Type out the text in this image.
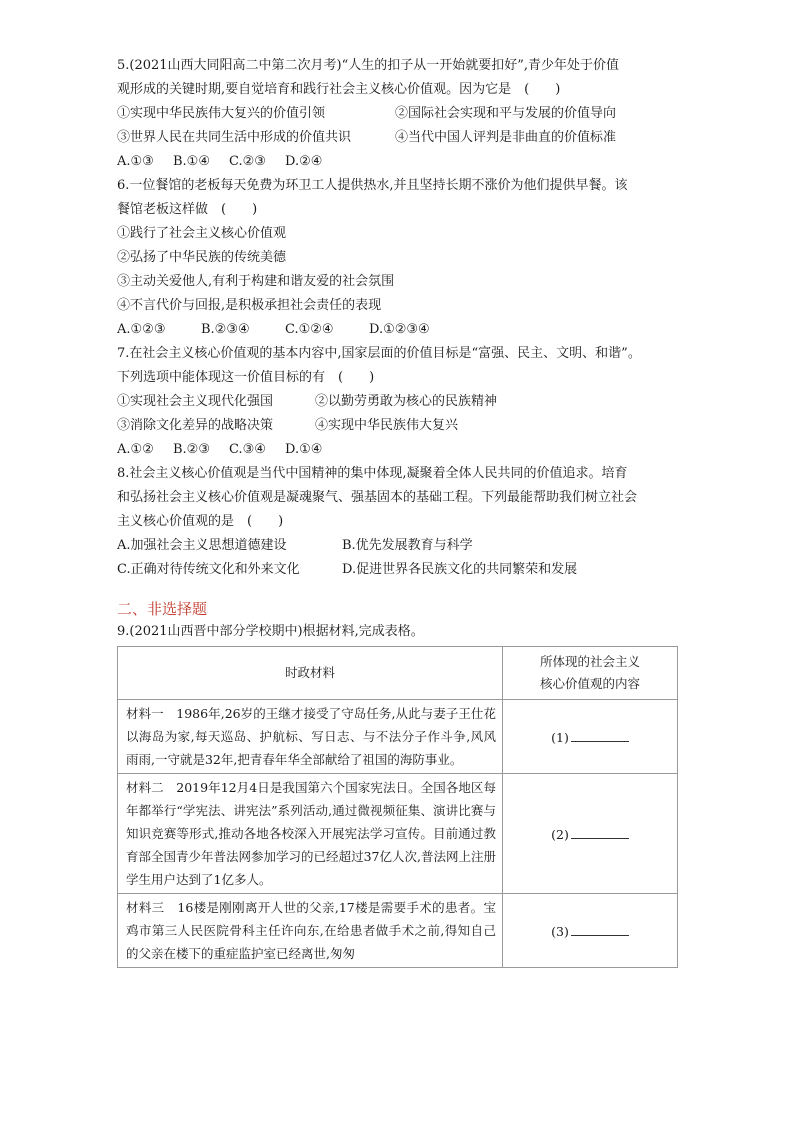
5.(2021山西大同阳高二中第二次月考)“人生的扣子从一开始就要扣好”,青少年处于价值
观形成的关键时期,要自觉培育和践行社会主义核心价值观。因为它是　(　　)
①实现中华民族伟大复兴的价值引领	②国际社会实现和平与发展的价值导向
③世界人民在共同生活中形成的价值共识	④当代中国人评判是非曲直的价值标准
A.①③ B.①④ C.②③ D.②④
6.一位餐馆的老板每天免费为环卫工人提供热水,并且坚持长期不涨价为他们提供早餐。该
餐馆老板这样做　(　　)
①践行了社会主义核心价值观
②弘扬了中华民族的传统美德
③主动关爱他人,有利于构建和谐友爱的社会氛围
④不言代价与回报,是积极承担社会责任的表现
A.①②③	B.②③④	C.①②④	D.①②③④
7.在社会主义核心价值观的基本内容中,国家层面的价值目标是“富强、民主、文明、和谐”。
下列选项中能体现这一价值目标的有　(　　)
①实现社会主义现代化强国	②以勤劳勇敢为核心的民族精神
③消除文化差异的战略决策	④实现中华民族伟大复兴
A.①② B.②③ C.③④ D.①④
8.社会主义核心价值观是当代中国精神的集中体现,凝聚着全体人民共同的价值追求。培育
和弘扬社会主义核心价值观是凝魂聚气、强基固本的基础工程。下列最能帮助我们树立社会
主义核心价值观的是　(　　)
A.加强社会主义思想道德建设	B.优先发展教育与科学
C.正确对待传统文化和外来文化	D.促进世界各民族文化的共同繁荣和发展
二、非选择题
9.(2021山西晋中部分学校期中)根据材料,完成表格。
时政材料	所体现的社会主义
核心价值观的内容

材料一　1986年,26岁的王继才接受了守岛任务,从此与妻子王仕花以海岛为家,每天巡岛、护航标、写日志、与不法分子作斗争,风风雨雨,一守就是32年,把青春年华全部献给了祖国的海防事业。	(1)
材料二　2019年12月4日是我国第六个国家宪法日。全国各地区每年都举行“学宪法、讲宪法”系列活动,通过微视频征集、演讲比赛与知识竞赛等形式,推动各地各校深入开展宪法学习宣传。目前通过教育部全国青少年普法网参加学习的已经超过37亿人次,普法网上注册学生用户达到了1亿多人。	(2)
材料三　16楼是刚刚离开人世的父亲,17楼是需要手术的患者。宝鸡市第三人民医院骨科主任许向东,在给患者做手术之前,得知自己的父亲在楼下的重症监护室已经离世,匆匆	(3)
